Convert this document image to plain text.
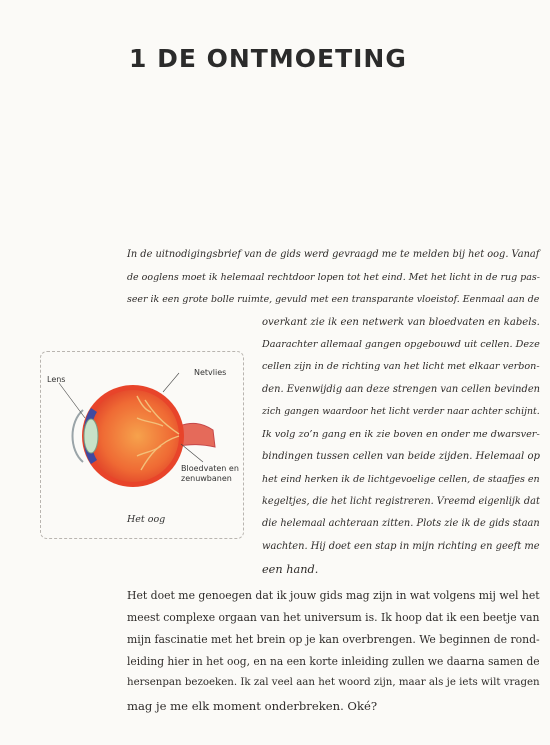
1 DE ONTMOETING
In de uitnodigingsbrief van de gids werd gevraagd me te melden bij het oog. Vanaf
de ooglens moet ik helemaal rechtdoor lopen tot het eind. Met het licht in de rug pas-
seer ik een grote bolle ruimte, gevuld met een transparante vloeistof. Eenmaal aan de
overkant zie ik een netwerk van bloedvaten en kabels.
Daarachter allemaal gangen opgebouwd uit cellen. Deze
cellen zijn in de richting van het licht met elkaar verbon-
den. Evenwijdig aan deze strengen van cellen bevinden
zich gangen waardoor het licht verder naar achter schijnt.
Ik volg zo’n gang en ik zie boven en onder me dwarsver-
bindingen tussen cellen van beide zijden. Helemaal op
het eind herken ik de lichtgevoelige cellen, de staafjes en
kegeltjes, die het licht registreren. Vreemd eigenlijk dat
die helemaal achteraan zitten. Plots zie ik de gids staan
wachten. Hij doet een stap in mijn richting en geeft me
een hand.
Lens
Netvlies
Bloedvaten en
zenuwbanen
Het oog
Het doet me genoegen dat ik jouw gids mag zijn in wat volgens mij wel het
meest complexe orgaan van het universum is. Ik hoop dat ik een beetje van
mijn fascinatie met het brein op je kan overbrengen. We beginnen de rond-
leiding hier in het oog, en na een korte inleiding zullen we daarna samen de
hersenpan bezoeken. Ik zal veel aan het woord zijn, maar als je iets wilt vragen
mag je me elk moment onderbreken. Oké?
